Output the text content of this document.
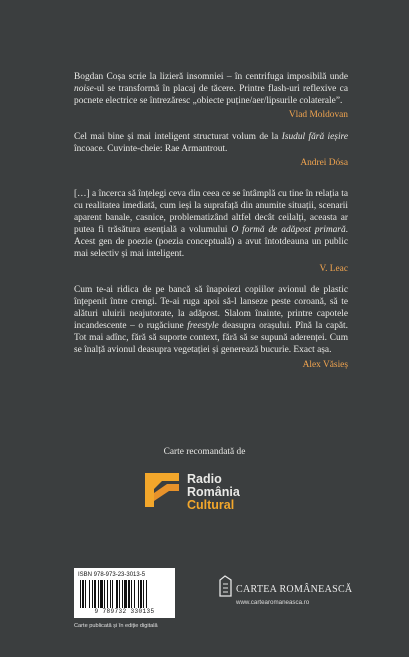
Bogdan Coșa scrie la lizieră insomniei – în centrifuga imposibilă unde noise-ul se transformă în placaj de tăcere. Printre flash-uri reflexive ca pocnete electrice se întrezăresc „obiecte puține/aer/lipsurile colaterale”.

Vlad Moldovan

Cel mai bine și mai inteligent structurat volum de la Isudul fără ieșire încoace. Cuvinte-cheie: Rae Armantrout.

Andrei Dósa

[…] a încerca să înțelegi ceva din ceea ce se întâmplă cu tine în relația ta cu realitatea imediată, cum ieși la suprafață din anumite situații, scenarii aparent banale, casnice, problematizând altfel decât ceilalți, aceasta ar putea fi trăsătura esențială a volumului O formă de adăpost primară. Acest gen de poezie (poezia conceptuală) a avut întotdeauna un public mai selectiv și mai inteligent.

V. Leac

Cum te-ai ridica de pe bancă să înapoiezi copiilor avionul de plastic înțepenit între crengi. Te-ai ruga apoi să-l lanseze peste coroană, să te alături uluirii neajutorate, la adăpost. Slalom înainte, printre capotele incandescente – o rugăciune freestyle deasupra orașului. Pînă la capăt. Tot mai adînc, fără să suporte context, fără să se supună aderenței. Cum se înalță avionul deasupra vegetației și generează bucurie. Exact așa.

Alex Văsieș
Carte recomandată de
Radio
România
Cultural
ISBN 978-973-23-3013-5
9 789732 330135
Carte publicată și în ediție digitală
CARTEA ROMÂNEASCĂ
www.cartearomaneasca.ro
